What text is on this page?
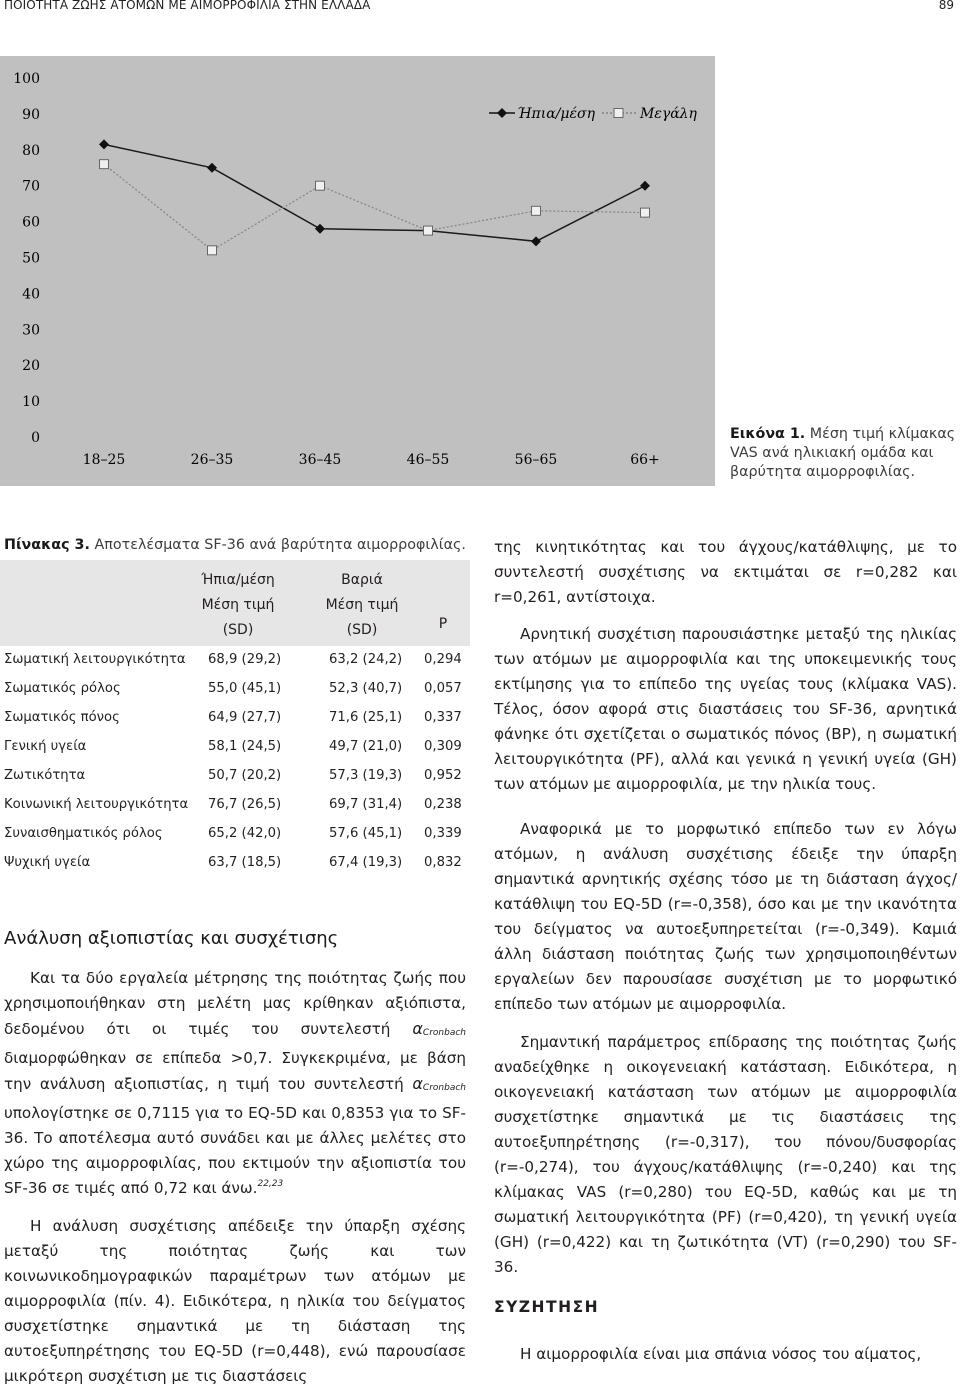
ΠΟΙΟΤΗΤΑ ΖΩΗΣ ΑΤΟΜΩΝ ΜΕ ΑΙΜΟΡΡΟΦΙΛΙΑ ΣΤΗΝ ΕΛΛΑΔΑ	89
0
10
20
30
40
50
60
70
80
90
100
18–25	26–35	36–45	46–55	56–65	66+
Ήπια/μέση	Μεγάλη
Εικόνα 1. Μέση τιμή κλίμακας VAS ανά ηλικιακή ομάδα και βαρύτητα αιμορροφιλίας.
Πίνακας 3. Αποτελέσματα SF-36 ανά βαρύτητα αιμορροφιλίας.
Ήπια/μέση
Μέση τιμή
(SD)
Βαριά
Μέση τιμή
(SD)	P
Σωματική λειτουργικότητα 68,9 (29,2)	63,2 (24,2) 0,294
Σωματικός ρόλος	55,0 (45,1)	52,3 (40,7) 0,057
Σωματικός πόνος	64,9 (27,7)	71,6 (25,1) 0,337
Γενική υγεία	58,1 (24,5)	49,7 (21,0) 0,309
Ζωτικότητα	50,7 (20,2)	57,3 (19,3) 0,952
Κοινωνική λειτουργικότητα 76,7 (26,5)	69,7 (31,4) 0,238
Συναισθηματικός ρόλος	65,2 (42,0)	57,6 (45,1) 0,339
Ψυχική υγεία	63,7 (18,5)	67,4 (19,3) 0,832
Ανάλυση αξιοπιστίας και συσχέτισης
Και τα δύο εργαλεία μέτρησης της ποιότητας ζωής που χρησιμοποιήθηκαν στη μελέτη μας κρίθηκαν αξιόπιστα, δεδομένου ότι οι τιμές του συντελεστή $\alpha_{Cronbach}$ διαμορφώθηκαν σε επίπεδα >0,7. Συγκεκριμένα, με βάση την ανάλυση αξιοπιστίας, η τιμή του συντελεστή $\alpha_{Cronbach}$ υπολογίστηκε σε 0,7115 για το EQ-5D και 0,8353 για το SF-36. Το αποτέλεσμα αυτό συνάδει και με άλλες μελέτες στο χώρο της αιμορροφιλίας, που εκτιμούν την αξιοπιστία του SF-36 σε τιμές από 0,72 και άνω.$^{22,23}$
Η ανάλυση συσχέτισης απέδειξε την ύπαρξη σχέσης μεταξύ της ποιότητας ζωής και των κοινωνικοδημογραφικών παραμέτρων των ατόμων με αιμορροφιλία (πίν. 4). Ειδικότερα, η ηλικία του δείγματος συσχετίστηκε σημαντικά με τη διάσταση της αυτοεξυπηρέτησης του EQ-5D (r=0,448), ενώ παρουσίασε μικρότερη συσχέτιση με τις διαστάσεις
της κινητικότητας και του άγχους/κατάθλιψης, με το συντελεστή συσχέτισης να εκτιμάται σε r=0,282 και r=0,261, αντίστοιχα.
Αρνητική συσχέτιση παρουσιάστηκε μεταξύ της ηλικίας των ατόμων με αιμορροφιλία και της υποκειμενικής τους εκτίμησης για το επίπεδο της υγείας τους (κλίμακα VAS). Τέλος, όσον αφορά στις διαστάσεις του SF-36, αρνητικά φάνηκε ότι σχετίζεται ο σωματικός πόνος (BP), η σωματική λειτουργικότητα (PF), αλλά και γενικά η γενική υγεία (GH) των ατόμων με αιμορροφιλία, με την ηλικία τους.
Αναφορικά με το μορφωτικό επίπεδο των εν λόγω ατόμων, η ανάλυση συσχέτισης έδειξε την ύπαρξη σημαντικά αρνητικής σχέσης τόσο με τη διάσταση άγχος/κατάθλιψη του EQ-5D (r=-0,358), όσο και με την ικανότητα του δείγματος να αυτοεξυπηρετείται (r=-0,349). Καμιά άλλη διάσταση ποιότητας ζωής των χρησιμοποιηθέντων εργαλείων δεν παρουσίασε συσχέτιση με το μορφωτικό επίπεδο των ατόμων με αιμορροφιλία.
Σημαντική παράμετρος επίδρασης της ποιότητας ζωής αναδείχθηκε η οικογενειακή κατάσταση. Ειδικότερα, η οικογενειακή κατάσταση των ατόμων με αιμορροφιλία συσχετίστηκε σημαντικά με τις διαστάσεις της αυτοεξυπηρέτησης (r=-0,317), του πόνου/δυσφορίας (r=-0,274), του άγχους/κατάθλιψης (r=-0,240) και της κλίμακας VAS (r=0,280) του EQ-5D, καθώς και με τη σωματική λειτουργικότητα (PF) (r=0,420), τη γενική υγεία (GH) (r=0,422) και τη ζωτικότητα (VT) (r=0,290) του SF-36.
ΣΥΖΗΤΗΣΗ
Η αιμορροφιλία είναι μια σπάνια νόσος του αίματος,
